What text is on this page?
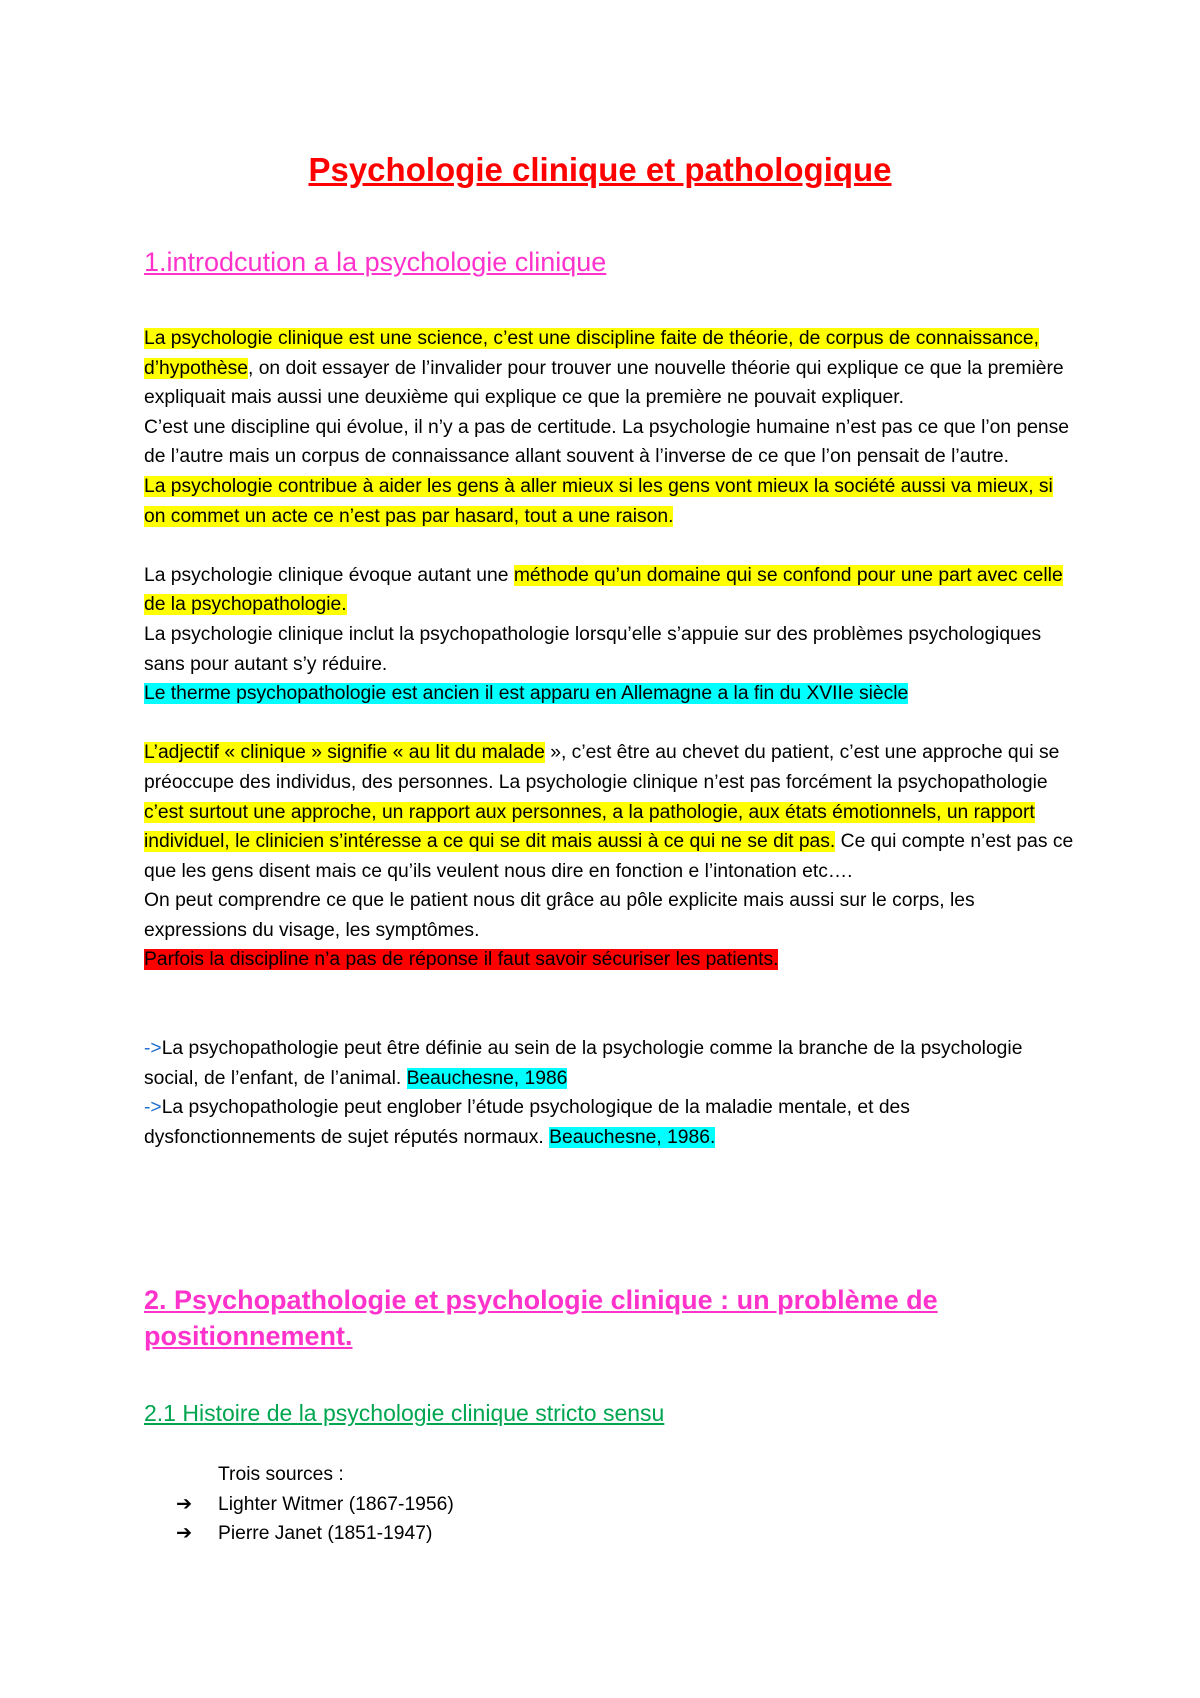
Psychologie clinique et pathologique
1.introdcution a la psychologie clinique

La psychologie clinique est une science, c’est une discipline faite de théorie, de corpus de connaissance, d’hypothèse, on doit essayer de l’invalider pour trouver une nouvelle théorie qui explique ce que la première expliquait mais aussi une deuxième qui explique ce que la première ne pouvait expliquer.

C’est une discipline qui évolue, il n’y a pas de certitude. La psychologie humaine n’est pas ce que l’on pense de l’autre mais un corpus de connaissance allant souvent à l’inverse de ce que l’on pensait de l’autre.

La psychologie contribue à aider les gens à aller mieux si les gens vont mieux la société aussi va mieux, si on commet un acte ce n’est pas par hasard, tout a une raison.

La psychologie clinique évoque autant une méthode qu’un domaine qui se confond pour une part avec celle de la psychopathologie.

La psychologie clinique inclut la psychopathologie lorsqu’elle s’appuie sur des problèmes psychologiques sans pour autant s’y réduire.

Le therme psychopathologie est ancien il est apparu en Allemagne a la fin du XVIIe siècle

L’adjectif « clinique » signifie « au lit du malade », c’est être au chevet du patient, c’est une approche qui se préoccupe des individus, des personnes. La psychologie clinique n’est pas forcément la psychopathologie c’est surtout une approche, un rapport aux personnes, a la pathologie, aux états émotionnels, un rapport individuel, le clinicien s’intéresse a ce qui se dit mais aussi à ce qui ne se dit pas. Ce qui compte n’est pas ce que les gens disent mais ce qu’ils veulent nous dire en fonction e l’intonation etc….

On peut comprendre ce que le patient nous dit grâce au pôle explicite mais aussi sur le corps, les expressions du visage, les symptômes.

Parfois la discipline n’a pas de réponse il faut savoir sécuriser les patients.

->La psychopathologie peut être définie au sein de la psychologie comme la branche de la psychologie social, de l’enfant, de l’animal. Beauchesne, 1986

->La psychopathologie peut englober l’étude psychologique de la maladie mentale, et des dysfonctionnements de sujet réputés normaux. Beauchesne, 1986.

2. Psychopathologie et psychologie clinique : un problème de positionnement.
2.1 Histoire de la psychologie clinique stricto sensu
Trois sources :
➔	Lighter Witmer (1867-1956)
➔	Pierre Janet (1851-1947)
